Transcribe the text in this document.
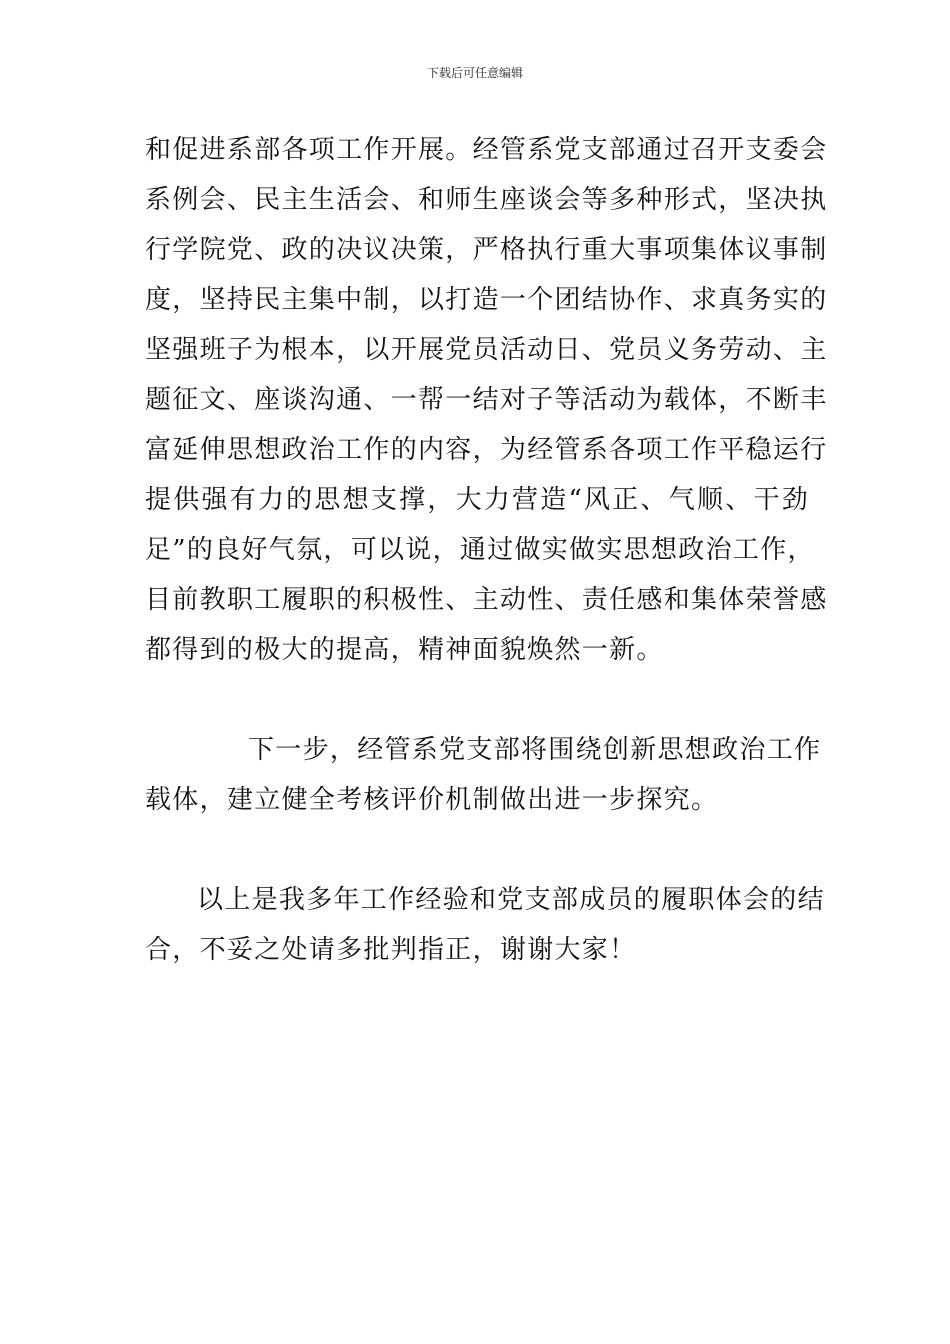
下载后可任意编辑
和促进系部各项工作开展。经管系党支部通过召开支委会
系例会、民主生活会、和师生座谈会等多种形式，坚决执
行学院党、政的决议决策，严格执行重大事项集体议事制
度，坚持民主集中制，以打造一个团结协作、求真务实的
坚强班子为根本，以开展党员活动日、党员义务劳动、主
题征文、座谈沟通、一帮一结对子等活动为载体，不断丰
富延伸思想政治工作的内容，为经管系各项工作平稳运行
提供强有力的思想支撑，大力营造“风正、气顺、干劲
足”的良好气氛，可以说，通过做实做实思想政治工作，
目前教职工履职的积极性、主动性、责任感和集体荣誉感
都得到的极大的提高，精神面貌焕然一新。
下一步，经管系党支部将围绕创新思想政治工作
载体，建立健全考核评价机制做出进一步探究。
以上是我多年工作经验和党支部成员的履职体会的结
合，不妥之处请多批判指正，谢谢大家！
